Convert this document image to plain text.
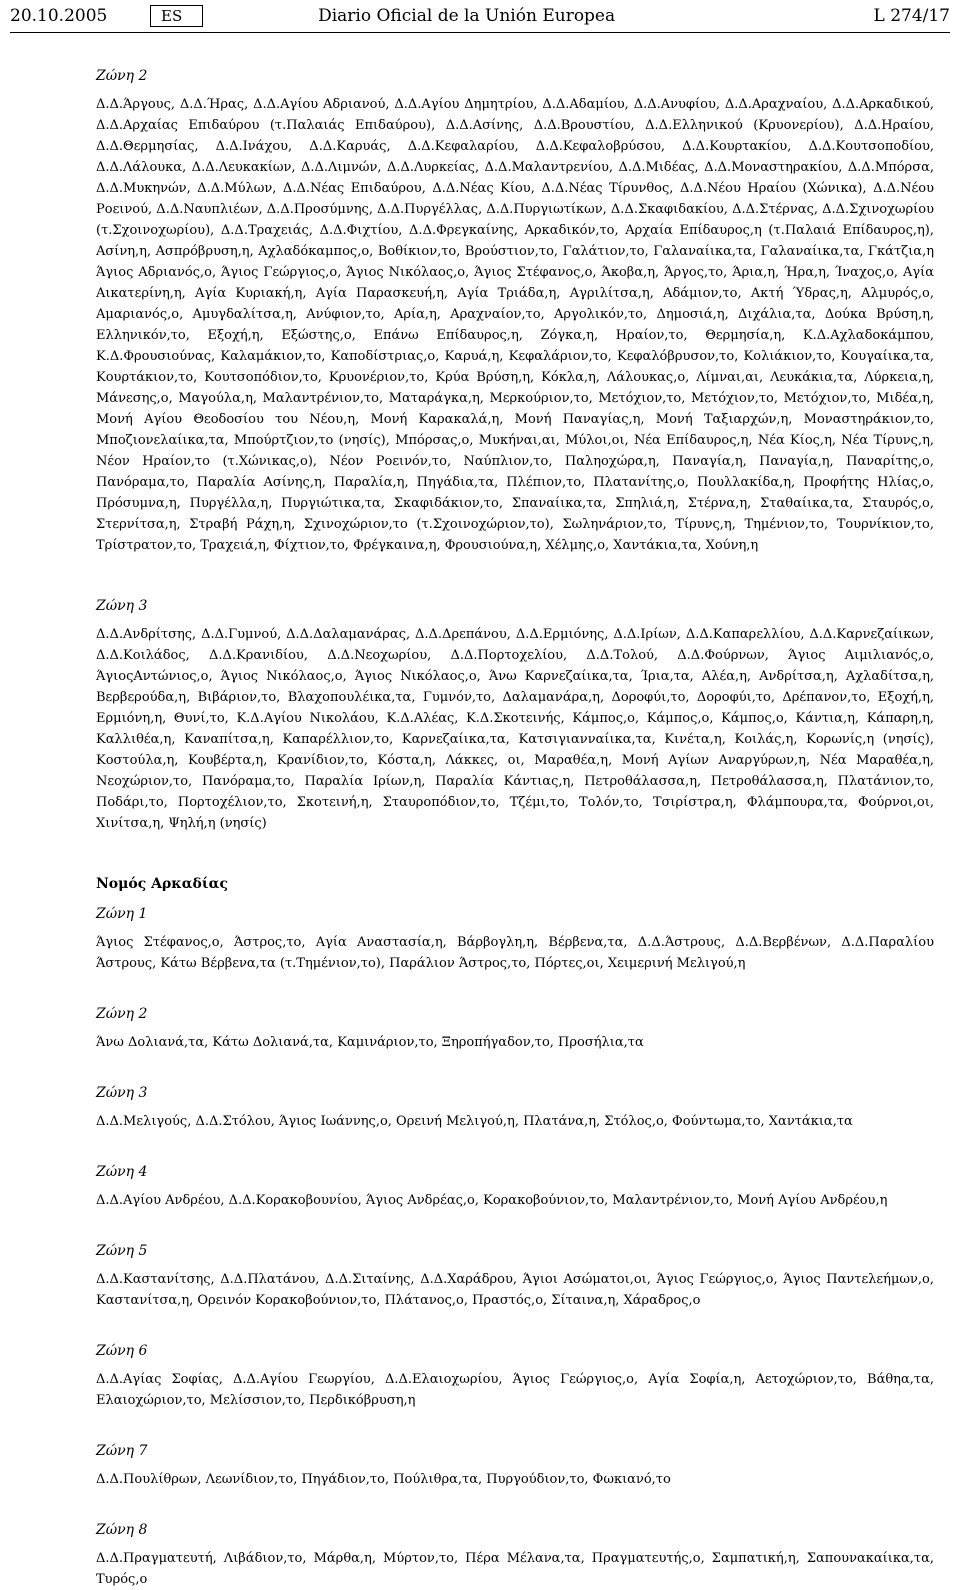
20.10.2005	ES	Diario Oficial de la Unión Europea	L 274/17
Ζώνη 2

Δ.Δ.Άργους, Δ.Δ.Ήρας, Δ.Δ.Αγίου Αδριανού, Δ.Δ.Αγίου Δημητρίου, Δ.Δ.Αδαμίου, Δ.Δ.Ανυφίου, Δ.Δ.Αραχναίου, Δ.Δ.Αρκαδικού, Δ.Δ.Αρχαίας Επιδαύρου (τ.Παλαιάς Επιδαύρου), Δ.Δ.Ασίνης, Δ.Δ.Βρουστίου, Δ.Δ.Ελληνικού (Κρυονερίου), Δ.Δ.Ηραίου, Δ.Δ.Θερμησίας, Δ.Δ.Ινάχου, Δ.Δ.Καρυάς, Δ.Δ.Κεφαλαρίου, Δ.Δ.Κεφαλοβρύσου, Δ.Δ.Κουρτακίου, Δ.Δ.Κουτσοποδίου, Δ.Δ.Λάλουκα, Δ.Δ.Λευκακίων, Δ.Δ.Λιμνών, Δ.Δ.Λυρκείας, Δ.Δ.Μαλαντρενίου, Δ.Δ.Μιδέας, Δ.Δ.Μοναστηρακίου, Δ.Δ.Μπόρσα, Δ.Δ.Μυκηνών, Δ.Δ.Μύλων, Δ.Δ.Νέας Επιδαύρου, Δ.Δ.Νέας Κίου, Δ.Δ.Νέας Τίρυνθος, Δ.Δ.Νέου Ηραίου (Χώνικα), Δ.Δ.Νέου Ροεινού, Δ.Δ.Ναυπλιέων, Δ.Δ.Προσύμνης, Δ.Δ.Πυργέλλας, Δ.Δ.Πυργιωτίκων, Δ.Δ.Σκαφιδακίου, Δ.Δ.Στέρνας, Δ.Δ.Σχινοχωρίου (τ.Σχοινοχωρίου), Δ.Δ.Τραχειάς, Δ.Δ.Φιχτίου, Δ.Δ.Φρεγκαίνης, Αρκαδικόν,το, Αρχαία Επίδαυρος,η (τ.Παλαιά Επίδαυρος,η), Ασίνη,η, Ασπρόβρυση,η, Αχλαδόκαμπος,ο, Βοθίκιον,το, Βρούστιον,το, Γαλάτιον,το, Γαλαναίικα,τα, Γαλαναίικα,τα, Γκάτζια,η Άγιος Αδριανός,ο, Άγιος Γεώργιος,ο, Άγιος Νικόλαος,ο, Άγιος Στέφανος,ο, Άκοβα,η, Άργος,το, Άρια,η, Ήρα,η, Ίναχος,ο, Αγία Αικατερίνη,η, Αγία Κυριακή,η, Αγία Παρασκευή,η, Αγία Τριάδα,η, Αγριλίτσα,η, Αδάμιον,το, Ακτή Ύδρας,η, Αλμυρός,ο, Αμαριανός,ο, Αμυγδαλίτσα,η, Ανύφιον,το, Αρία,η, Αραχναίον,το, Αργολικόν,το, Δημοσιά,η, Διχάλια,τα, Δούκα Βρύση,η, Ελληνικόν,το, Εξοχή,η, Εξώστης,ο, Επάνω Επίδαυρος,η, Ζόγκα,η, Ηραίον,το, Θερμησία,η, Κ.Δ.Αχλαδοκάμπου, Κ.Δ.Φρουσιούνας, Καλαμάκιον,το, Καποδίστριας,ο, Καρυά,η, Κεφαλάριον,το, Κεφαλόβρυσον,το, Κολιάκιον,το, Κουγαίικα,τα, Κουρτάκιον,το, Κουτσοπόδιον,το, Κρυονέριον,το, Κρύα Βρύση,η, Κόκλα,η, Λάλουκας,ο, Λίμναι,αι, Λευκάκια,τα, Λύρκεια,η, Μάνεσης,ο, Μαγούλα,η, Μαλαντρένιον,το, Ματαράγκα,η, Μερκούριον,το, Μετόχιον,το, Μετόχιον,το, Μετόχιον,το, Μιδέα,η, Μονή Αγίου Θεοδοσίου του Νέου,η, Μονή Καρακαλά,η, Μονή Παναγίας,η, Μονή Ταξιαρχών,η, Μοναστηράκιον,το, Μποζιονελαίικα,τα, Μπούρτζιον,το (νησίς), Μπόρσας,ο, Μυκήναι,αι, Μύλοι,οι, Νέα Επίδαυρος,η, Νέα Κίος,η, Νέα Τίρυνς,η, Νέον Ηραίον,το (τ.Χώνικας,ο), Νέον Ροεινόν,το, Ναύπλιον,το, Παληοχώρα,η, Παναγία,η, Παναγία,η, Παναρίτης,ο, Πανόραμα,το, Παραλία Ασίνης,η, Παραλία,η, Πηγάδια,τα, Πλέπιον,το, Πλατανίτης,ο, Πουλλακίδα,η, Προφήτης Ηλίας,ο, Πρόσυμνα,η, Πυργέλλα,η, Πυργιώτικα,τα, Σκαφιδάκιον,το, Σπαναίικα,τα, Σπηλιά,η, Στέρνα,η, Σταθαίικα,τα, Σταυρός,ο, Στερνίτσα,η, Στραβή Ράχη,η, Σχινοχώριον,το (τ.Σχοινοχώριον,το), Σωληνάριον,το, Τίρυνς,η, Τημένιον,το, Τουρνίκιον,το, Τρίστρατον,το, Τραχειά,η, Φίχτιον,το, Φρέγκαινα,η, Φρουσιούνα,η, Χέλμης,ο, Χαντάκια,τα, Χούνη,η

Ζώνη 3

Δ.Δ.Ανδρίτσης, Δ.Δ.Γυμνού, Δ.Δ.Δαλαμανάρας, Δ.Δ.Δρεπάνου, Δ.Δ.Ερμιόνης, Δ.Δ.Ιρίων, Δ.Δ.Καπαρελλίου, Δ.Δ.Καρνεζαίικων, Δ.Δ.Κοιλάδος, Δ.Δ.Κρανιδίου, Δ.Δ.Νεοχωρίου, Δ.Δ.Πορτοχελίου, Δ.Δ.Τολού, Δ.Δ.Φούρνων, Άγιος Αιμιλιανός,ο, ΆγιοςΑντώνιος,ο, Άγιος Νικόλαος,ο, Άγιος Νικόλαος,ο, Άνω Καρνεζαίικα,τα, Ίρια,τα, Αλέα,η, Ανδρίτσα,η, Αχλαδίτσα,η, Βερβερούδα,η, Βιβάριον,το, Βλαχοπουλέικα,τα, Γυμνόν,το, Δαλαμανάρα,η, Δοροφύι,το, Δοροφύι,το, Δρέπανον,το, Εξοχή,η, Ερμιόνη,η, Θυνί,το, Κ.Δ.Αγίου Νικολάου, Κ.Δ.Αλέας, Κ.Δ.Σκοτεινής, Κάμπος,ο, Κάμπος,ο, Κάμπος,ο, Κάντια,η, Κάπαρη,η, Καλλιθέα,η, Καναπίτσα,η, Καπαρέλλιον,το, Καρνεζαίικα,τα, Κατσιγιανναίικα,τα, Κινέτα,η, Κοιλάς,η, Κορωνίς,η (νησίς), Κοστούλα,η, Κουβέρτα,η, Κρανίδιον,το, Κόστα,η, Λάκκες, οι, Μαραθέα,η, Μονή Αγίων Αναργύρων,η, Νέα Μαραθέα,η, Νεοχώριον,το, Πανόραμα,το, Παραλία Ιρίων,η, Παραλία Κάντιας,η, Πετροθάλασσα,η, Πετροθάλασσα,η, Πλατάνιον,το, Ποδάρι,το, Πορτοχέλιον,το, Σκοτεινή,η, Σταυροπόδιον,το, Τζέμι,το, Τολόν,το, Τσιρίστρα,η, Φλάμπουρα,τα, Φούρνοι,οι, Χινίτσα,η, Ψηλή,η (νησίς)

Νομός Αρκαδίας
Ζώνη 1

Άγιος Στέφανος,ο, Άστρος,το, Αγία Αναστασία,η, Βάρβογλη,η, Βέρβενα,τα, Δ.Δ.Άστρους, Δ.Δ.Βερβένων, Δ.Δ.Παραλίου Άστρους, Κάτω Βέρβενα,τα (τ.Τημένιον,το), Παράλιον Άστρος,το, Πόρτες,οι, Χειμερινή Μελιγού,η

Ζώνη 2

Άνω Δολιανά,τα, Κάτω Δολιανά,τα, Καμινάριον,το, Ξηροπήγαδον,το, Προσήλια,τα

Ζώνη 3

Δ.Δ.Μελιγούς, Δ.Δ.Στόλου, Άγιος Ιωάννης,ο, Ορεινή Μελιγού,η, Πλατάνα,η, Στόλος,ο, Φούντωμα,το, Χαντάκια,τα

Ζώνη 4

Δ.Δ.Αγίου Ανδρέου, Δ.Δ.Κορακοβουνίου, Άγιος Ανδρέας,ο, Κορακοβούνιον,το, Μαλαντρένιον,το, Μονή Αγίου Ανδρέου,η

Ζώνη 5

Δ.Δ.Καστανίτσης, Δ.Δ.Πλατάνου, Δ.Δ.Σιταίνης, Δ.Δ.Χαράδρου, Άγιοι Ασώματοι,οι, Άγιος Γεώργιος,ο, Άγιος Παντελεήμων,ο, Καστανίτσα,η, Ορεινόν Κορακοβούνιον,το, Πλάτανος,ο, Πραστός,ο, Σίταινα,η, Χάραδρος,ο

Ζώνη 6

Δ.Δ.Αγίας Σοφίας, Δ.Δ.Αγίου Γεωργίου, Δ.Δ.Ελαιοχωρίου, Άγιος Γεώργιος,ο, Αγία Σοφία,η, Αετοχώριον,το, Βάθηα,τα, Ελαιοχώριον,το, Μελίσσιον,το, Περδικόβρυση,η

Ζώνη 7

Δ.Δ.Πουλίθρων, Λεωνίδιον,το, Πηγάδιον,το, Πούλιθρα,τα, Πυργούδιον,το, Φωκιανό,το

Ζώνη 8

Δ.Δ.Πραγματευτή, Λιβάδιον,το, Μάρθα,η, Μύρτον,το, Πέρα Μέλανα,τα, Πραγματευτής,ο, Σαμπατική,η, Σαπουνακαίικα,τα, Τυρός,ο
